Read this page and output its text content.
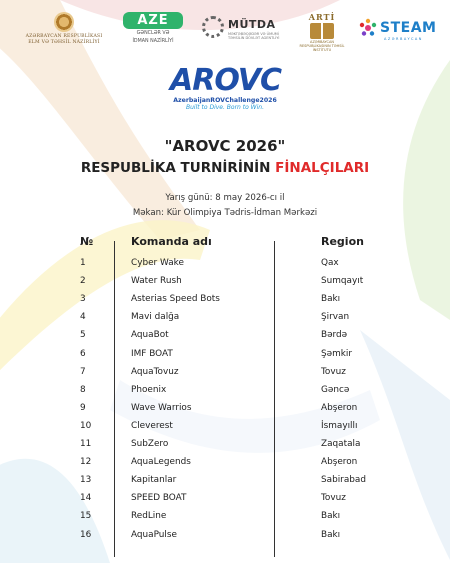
AZƏRBAYCAN RESPUBLİKASI
ELM VƏ TƏHSİL NAZİRLİYİ
AZE
GƏNCLƏR VƏ
İDMAN NAZİRLİYİ
MÜTDA
MƏKTƏBƏQƏDƏR VƏ ÜMUMİ TƏHSİLİN DÖVLƏT AGENTLİYİ
ARTİ
AZƏRBAYCAN RESPUBLİKASININ TƏHSİL İNSTİTUTU
STEAM
AZƏRBAYCAN
AROVC
AzerbaijanROVChallenge2026
Built to Dive. Born to Win.
"AROVC 2026"
RESPUBLİKA TURNİRİNİN FİNALÇILARI
Yarış günü: 8 may 2026-cı il
Məkan: Kür Olimpiya Tədris-İdman Mərkəzi
№	Komanda adı	Region
1	Cyber Wake	Qax
2	Water Rush	Sumqayıt
3	Asterias Speed Bots	Bakı
4	Mavi dalğa	Şirvan
5	AquaBot	Bərdə
6	IMF BOAT	Şəmkir
7	AquaTovuz	Tovuz
8	Phoenix	Gəncə
9	Wave Warrios	Abşeron
10	Cleverest	İsmayıllı
11	SubZero	Zaqatala
12	AquaLegends	Abşeron
13	Kapitanlar	Sabirabad
14	SPEED BOAT	Tovuz
15	RedLine	Bakı
16	AquaPulse	Bakı
